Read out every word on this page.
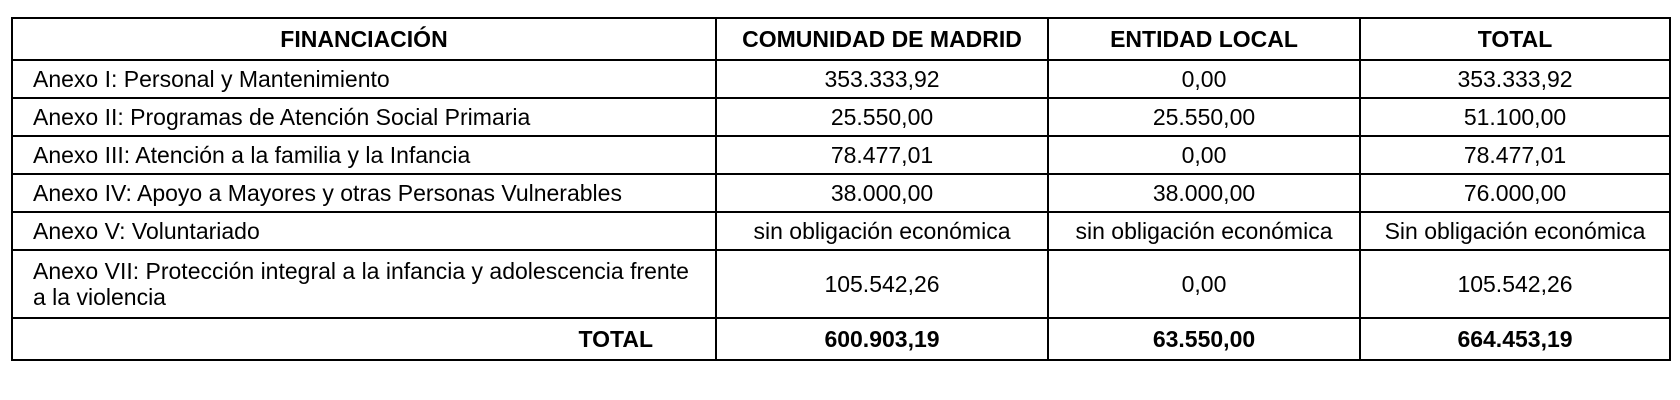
FINANCIACIÓN	COMUNIDAD DE MADRID	ENTIDAD LOCAL	TOTAL
Anexo I: Personal y Mantenimiento	353.333,92	0,00	353.333,92
Anexo II: Programas de Atención Social Primaria	25.550,00	25.550,00	51.100,00
Anexo III: Atención a la familia y la Infancia	78.477,01	0,00	78.477,01
Anexo IV: Apoyo a Mayores y otras Personas Vulnerables	38.000,00	38.000,00	76.000,00
Anexo V: Voluntariado	sin obligación económica	sin obligación económica	Sin obligación económica
Anexo VII: Protección integral a la infancia y adolescencia frente a la violencia	105.542,26	0,00	105.542,26
TOTAL	600.903,19	63.550,00	664.453,19
